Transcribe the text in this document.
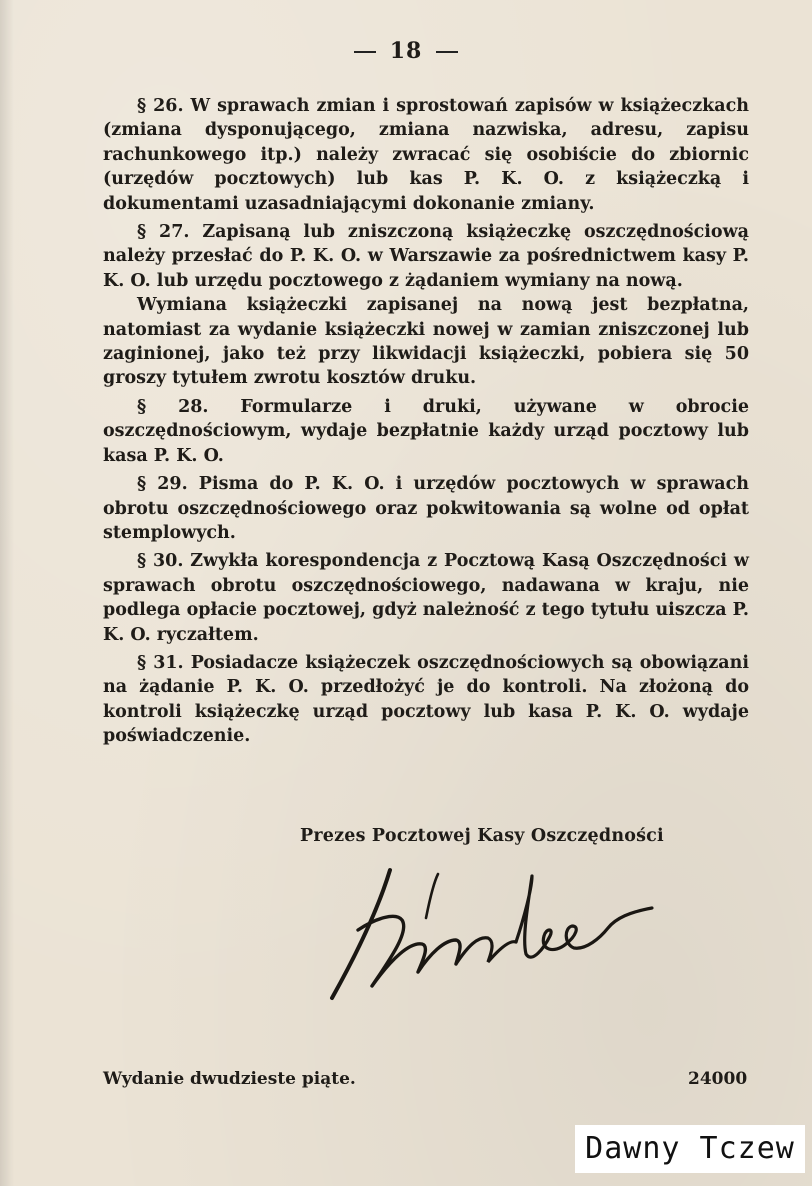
18

§ 26. W sprawach zmian i sprostowań zapisów w książeczkach (zmiana dysponującego, zmiana nazwiska, adresu, zapisu rachunkowego itp.) należy zwracać się osobiście do zbiornic (urzędów pocztowych) lub kas P. K. O. z książeczką i dokumentami uzasadniającymi dokonanie zmiany.

§ 27. Zapisaną lub zniszczoną książeczkę oszczędnościową należy przesłać do P. K. O. w Warszawie za pośrednictwem kasy P. K. O. lub urzędu pocztowego z żądaniem wymiany na nową.

Wymiana książeczki zapisanej na nową jest bezpłatna, natomiast za wydanie książeczki nowej w zamian zniszczonej lub zaginionej, jako też przy likwidacji książeczki, pobiera się 50 groszy tytułem zwrotu kosztów druku.

§ 28. Formularze i druki, używane w obrocie oszczędnościowym, wydaje bezpłatnie każdy urząd pocztowy lub kasa P. K. O.

§ 29. Pisma do P. K. O. i urzędów pocztowych w sprawach obrotu oszczędnościowego oraz pokwitowania są wolne od opłat stemplowych.

§ 30. Zwykła korespondencja z Pocztową Kasą Oszczędności w sprawach obrotu oszczędnościowego, nadawana w kraju, nie podlega opłacie pocztowej, gdyż należność z tego tytułu uiszcza P. K. O. ryczałtem.

§ 31. Posiadacze książeczek oszczędnościowych są obowiązani na żądanie P. K. O. przedłożyć je do kontroli. Na złożoną do kontroli książeczkę urząd pocztowy lub kasa P. K. O. wydaje poświadczenie.

Prezes Pocztowej Kasy Oszczędności
Wydanie dwudzieste piąte.	24000
Dawny Tczew
